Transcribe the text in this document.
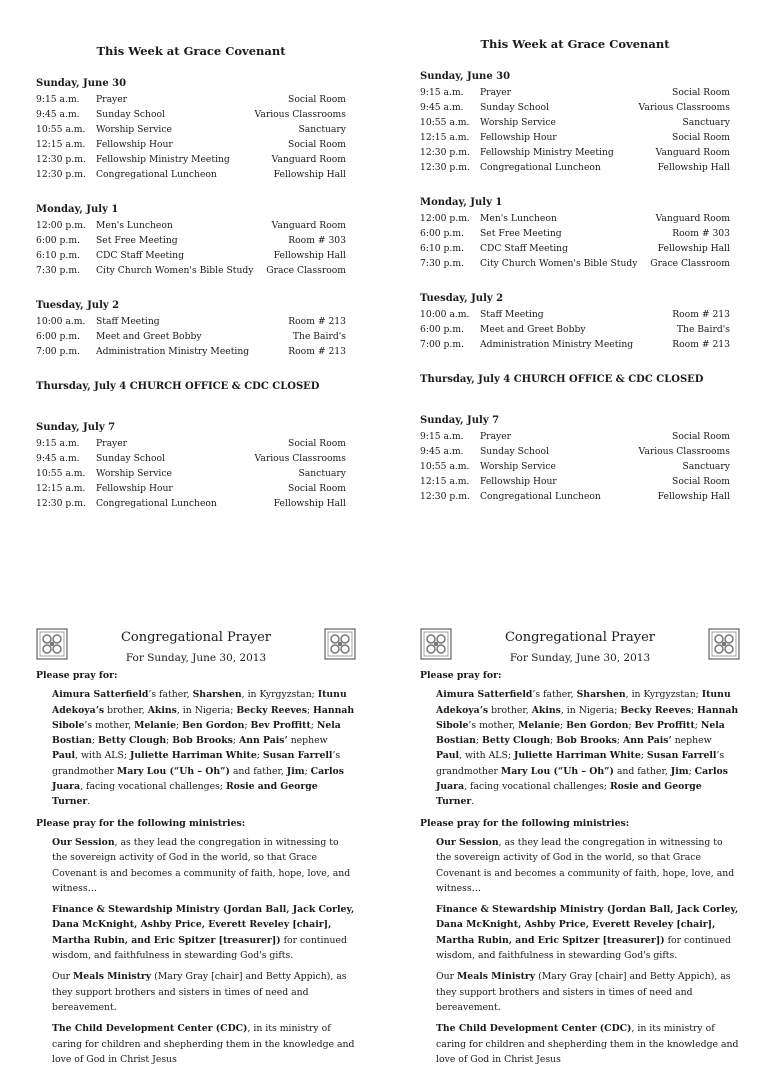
This Week at Grace Covenant
Sunday, June 30
9:15 a.m.	Prayer	Social Room
9:45 a.m.	Sunday School	Various Classrooms
10:55 a.m.	Worship Service	Sanctuary
12:15 a.m.	Fellowship Hour	Social Room
12:30 p.m.	Fellowship Ministry Meeting	Vanguard Room
12:30 p.m.	Congregational Luncheon	Fellowship Hall
Monday, July 1
12:00 p.m.	Men's Luncheon	Vanguard Room
6:00 p.m.	Set Free Meeting	Room # 303
6:10 p.m.	CDC Staff Meeting	Fellowship Hall
7:30 p.m.	City Church Women's Bible Study	Grace Classroom
Tuesday, July 2
10:00 a.m.	Staff Meeting	Room # 213
6:00 p.m.	Meet and Greet Bobby	The Baird's
7:00 p.m.	Administration Ministry Meeting	Room # 213
Thursday, July 4 CHURCH OFFICE & CDC CLOSED
Sunday, July 7
9:15 a.m.	Prayer	Social Room
9:45 a.m.	Sunday School	Various Classrooms
10:55 a.m.	Worship Service	Sanctuary
12:15 a.m.	Fellowship Hour	Social Room
12:30 p.m.	Congregational Luncheon	Fellowship Hall
This Week at Grace Covenant
Sunday, June 30
9:15 a.m.	Prayer	Social Room
9:45 a.m.	Sunday School	Various Classrooms
10:55 a.m.	Worship Service	Sanctuary
12:15 a.m.	Fellowship Hour	Social Room
12:30 p.m.	Fellowship Ministry Meeting	Vanguard Room
12:30 p.m.	Congregational Luncheon	Fellowship Hall
Monday, July 1
12:00 p.m.	Men's Luncheon	Vanguard Room
6:00 p.m.	Set Free Meeting	Room # 303
6:10 p.m.	CDC Staff Meeting	Fellowship Hall
7:30 p.m.	City Church Women's Bible Study	Grace Classroom
Tuesday, July 2
10:00 a.m.	Staff Meeting	Room # 213
6:00 p.m.	Meet and Greet Bobby	The Baird's
7:00 p.m.	Administration Ministry Meeting	Room # 213
Thursday, July 4 CHURCH OFFICE & CDC CLOSED
Sunday, July 7
9:15 a.m.	Prayer	Social Room
9:45 a.m.	Sunday School	Various Classrooms
10:55 a.m.	Worship Service	Sanctuary
12:15 a.m.	Fellowship Hour	Social Room
12:30 p.m.	Congregational Luncheon	Fellowship Hall
Congregational Prayer
For Sunday, June 30, 2013
Please pray for:
Aimura Satterfield’s father, Sharshen, in Kyrgyzstan; Itunu Adekoya’s brother, Akins, in Nigeria; Becky Reeves; Hannah Sibole’s mother, Melanie; Ben Gordon; Bev Proffitt; Nela Bostian; Betty Clough; Bob Brooks; Ann Pais’ nephew Paul, with ALS; Juliette Harriman White; Susan Farrell’s grandmother Mary Lou (“Uh – Oh”) and father, Jim; Carlos Juara, facing vocational challenges; Rosie and George Turner.
Please pray for the following ministries:
Our Session, as they lead the congregation in witnessing to the sovereign activity of God in the world, so that Grace Covenant is and becomes a community of faith, hope, love, and witness…
Finance & Stewardship Ministry (Jordan Ball, Jack Corley, Dana McKnight, Ashby Price, Everett Reveley [chair], Martha Rubin, and Eric Spitzer [treasurer]) for continued wisdom, and faithfulness in stewarding God's gifts.
Our Meals Ministry (Mary Gray [chair] and Betty Appich), as they support brothers and sisters in times of need and bereavement.
The Child Development Center (CDC), in its ministry of caring for children and shepherding them in the knowledge and love of God in Christ Jesus
Congregational Prayer
For Sunday, June 30, 2013
Please pray for:
Aimura Satterfield’s father, Sharshen, in Kyrgyzstan; Itunu Adekoya’s brother, Akins, in Nigeria; Becky Reeves; Hannah Sibole’s mother, Melanie; Ben Gordon; Bev Proffitt; Nela Bostian; Betty Clough; Bob Brooks; Ann Pais’ nephew Paul, with ALS; Juliette Harriman White; Susan Farrell’s grandmother Mary Lou (“Uh – Oh”) and father, Jim; Carlos Juara, facing vocational challenges; Rosie and George Turner.
Please pray for the following ministries:
Our Session, as they lead the congregation in witnessing to the sovereign activity of God in the world, so that Grace Covenant is and becomes a community of faith, hope, love, and witness…
Finance & Stewardship Ministry (Jordan Ball, Jack Corley, Dana McKnight, Ashby Price, Everett Reveley [chair], Martha Rubin, and Eric Spitzer [treasurer]) for continued wisdom, and faithfulness in stewarding God's gifts.
Our Meals Ministry (Mary Gray [chair] and Betty Appich), as they support brothers and sisters in times of need and bereavement.
The Child Development Center (CDC), in its ministry of caring for children and shepherding them in the knowledge and love of God in Christ Jesus
